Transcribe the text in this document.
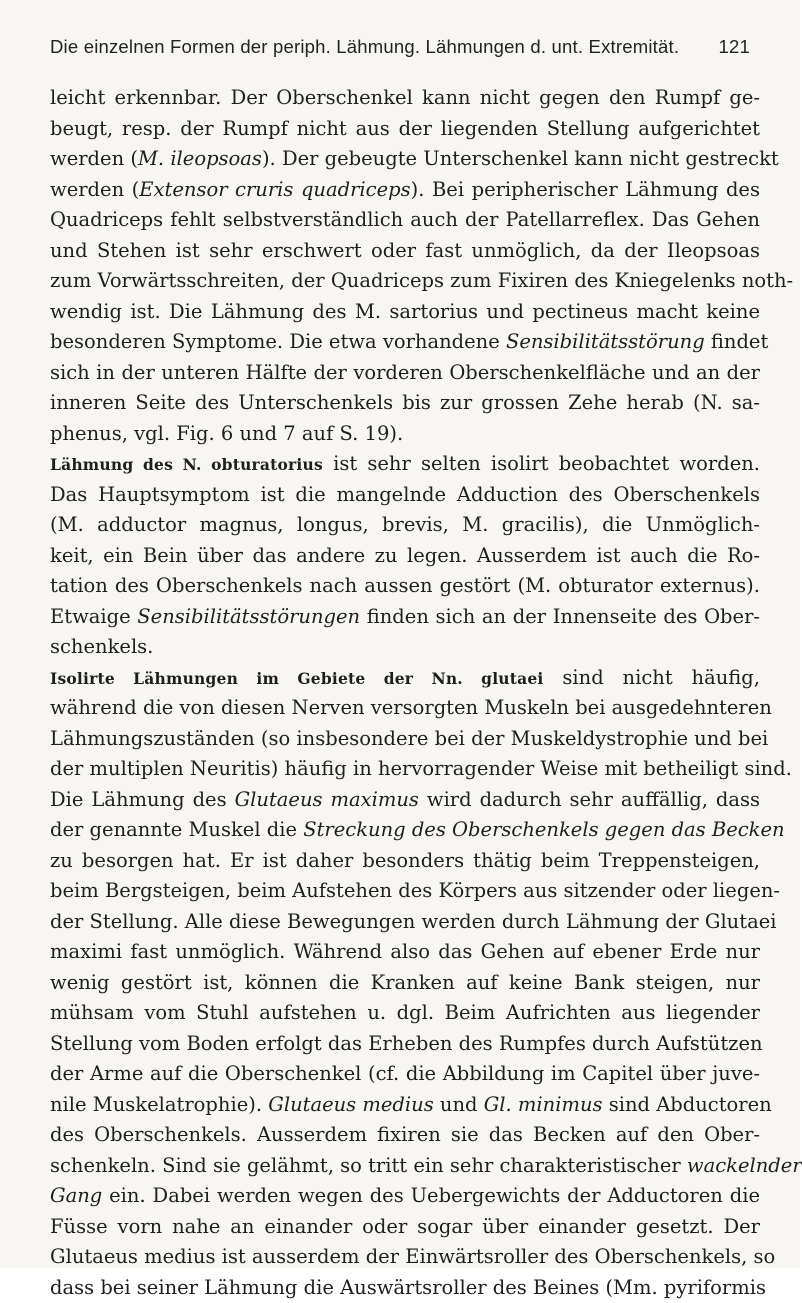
Die einzelnen Formen der periph. Lähmung. Lähmungen d. unt. Extremität. 121
leicht erkennbar. Der Oberschenkel kann nicht gegen den Rumpf ge-
beugt, resp. der Rumpf nicht aus der liegenden Stellung aufgerichtet
werden (M. ileopsoas). Der gebeugte Unterschenkel kann nicht gestreckt
werden (Extensor cruris quadriceps). Bei peripherischer Lähmung des
Quadriceps fehlt selbstverständlich auch der Patellarreflex. Das Gehen
und Stehen ist sehr erschwert oder fast unmöglich, da der Ileopsoas
zum Vorwärtsschreiten, der Quadriceps zum Fixiren des Kniegelenks noth-
wendig ist. Die Lähmung des M. sartorius und pectineus macht keine
besonderen Symptome. Die etwa vorhandene Sensibilitätsstörung findet
sich in der unteren Hälfte der vorderen Oberschenkelfläche und an der
inneren Seite des Unterschenkels bis zur grossen Zehe herab (N. sa-
phenus, vgl. Fig. 6 und 7 auf S. 19).
Lähmung des N. obturatorius ist sehr selten isolirt beobachtet worden.
Das Hauptsymptom ist die mangelnde Adduction des Oberschenkels
(M. adductor magnus, longus, brevis, M. gracilis), die Unmöglich-
keit, ein Bein über das andere zu legen. Ausserdem ist auch die Ro-
tation des Oberschenkels nach aussen gestört (M. obturator externus).
Etwaige Sensibilitätsstörungen finden sich an der Innenseite des Ober-
schenkels.
Isolirte Lähmungen im Gebiete der Nn. glutaei sind nicht häufig,
während die von diesen Nerven versorgten Muskeln bei ausgedehnteren
Lähmungszuständen (so insbesondere bei der Muskeldystrophie und bei
der multiplen Neuritis) häufig in hervorragender Weise mit betheiligt sind.
Die Lähmung des Glutaeus maximus wird dadurch sehr auffällig, dass
der genannte Muskel die Streckung des Oberschenkels gegen das Becken
zu besorgen hat. Er ist daher besonders thätig beim Treppensteigen,
beim Bergsteigen, beim Aufstehen des Körpers aus sitzender oder liegen-
der Stellung. Alle diese Bewegungen werden durch Lähmung der Glutaei
maximi fast unmöglich. Während also das Gehen auf ebener Erde nur
wenig gestört ist, können die Kranken auf keine Bank steigen, nur
mühsam vom Stuhl aufstehen u. dgl. Beim Aufrichten aus liegender
Stellung vom Boden erfolgt das Erheben des Rumpfes durch Aufstützen
der Arme auf die Oberschenkel (cf. die Abbildung im Capitel über juve-
nile Muskelatrophie). Glutaeus medius und Gl. minimus sind Abductoren
des Oberschenkels. Ausserdem fixiren sie das Becken auf den Ober-
schenkeln. Sind sie gelähmt, so tritt ein sehr charakteristischer wackelnder
Gang ein. Dabei werden wegen des Uebergewichts der Adductoren die
Füsse vorn nahe an einander oder sogar über einander gesetzt. Der
Glutaeus medius ist ausserdem der Einwärtsroller des Oberschenkels, so
dass bei seiner Lähmung die Auswärtsroller des Beines (Mm. pyriformis
